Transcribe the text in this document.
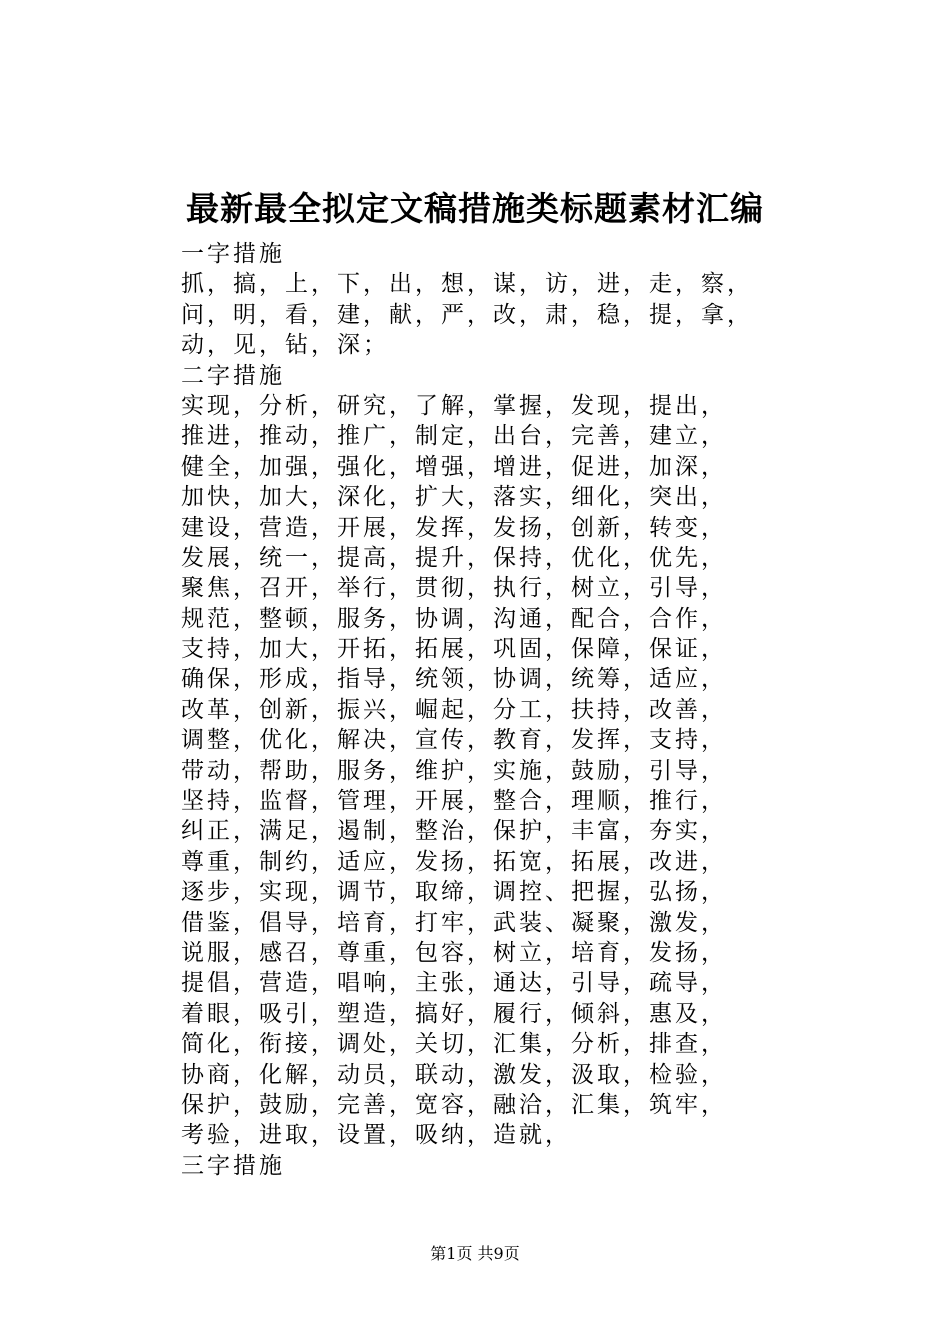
最新最全拟定文稿措施类标题素材汇编
一字措施
抓，搞，上，下，出，想，谋，访，进，走，察，
问，明，看，建，献，严，改，肃，稳，提，拿，
动，见，钻，深；
二字措施
实现，分析，研究，了解，掌握，发现，提出，
推进，推动，推广，制定，出台，完善，建立，
健全，加强，强化，增强，增进，促进，加深，
加快，加大，深化，扩大，落实，细化，突出，
建设，营造，开展，发挥，发扬，创新，转变，
发展，统一，提高，提升，保持，优化，优先，
聚焦，召开，举行，贯彻，执行，树立，引导，
规范，整顿，服务，协调，沟通，配合，合作，
支持，加大，开拓，拓展，巩固，保障，保证，
确保，形成，指导，统领，协调，统筹，适应，
改革，创新，振兴，崛起，分工，扶持，改善，
调整，优化，解决，宣传，教育，发挥，支持，
带动，帮助，服务，维护，实施，鼓励，引导，
坚持，监督，管理，开展，整合，理顺，推行，
纠正，满足，遏制，整治，保护，丰富，夯实，
尊重，制约，适应，发扬，拓宽，拓展，改进，
逐步，实现，调节，取缔，调控、把握，弘扬，
借鉴，倡导，培育，打牢，武装、凝聚，激发，
说服，感召，尊重，包容，树立，培育，发扬，
提倡，营造，唱响，主张，通达，引导，疏导，
着眼，吸引，塑造，搞好，履行，倾斜，惠及，
简化，衔接，调处，关切，汇集，分析，排查，
协商，化解，动员，联动，激发，汲取，检验，
保护，鼓励，完善，宽容，融洽，汇集，筑牢，
考验，进取，设置，吸纳，造就，
三字措施
第1页 共9页
